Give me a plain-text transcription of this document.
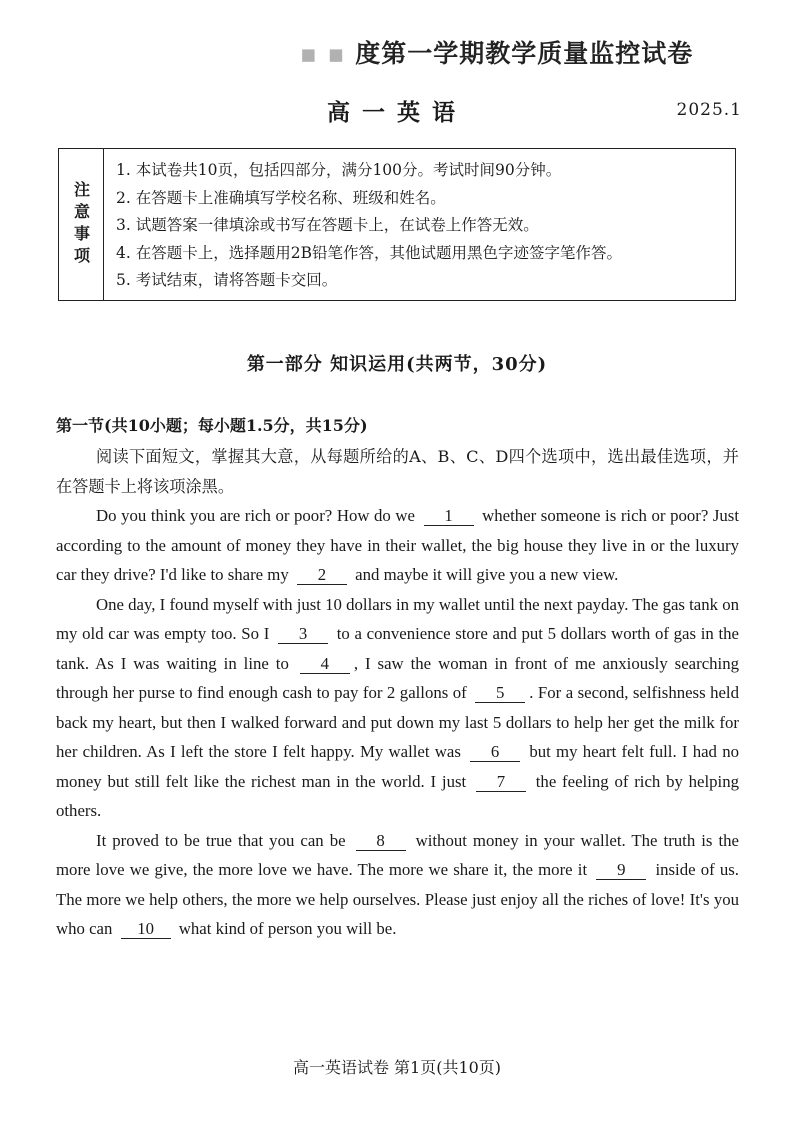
▪ ▪ 度第一学期教学质量监控试卷
高一英语	2025.1
注意事项
1. 本试卷共10页，包括四部分，满分100分。考试时间90分钟。
2. 在答题卡上准确填写学校名称、班级和姓名。
3. 试题答案一律填涂或书写在答题卡上，在试卷上作答无效。
4. 在答题卡上，选择题用2B铅笔作答，其他试题用黑色字迹签字笔作答。
5. 考试结束，请将答题卡交回。
第一部分 知识运用(共两节，30分)
第一节(共10小题；每小题1.5分，共15分)

阅读下面短文，掌握其大意，从每题所给的A、B、C、D四个选项中，选出最佳选项，并在答题卡上将该项涂黑。

Do you think you are rich or poor? How do we 1 whether someone is rich or poor? Just according to the amount of money they have in their wallet, the big house they live in or the luxury car they drive? I'd like to share my 2 and maybe it will give you a new view.

One day, I found myself with just 10 dollars in my wallet until the next payday. The gas tank on my old car was empty too. So I 3 to a convenience store and put 5 dollars worth of gas in the tank. As I was waiting in line to 4 , I saw the woman in front of me anxiously searching through her purse to find enough cash to pay for 2 gallons of 5 . For a second, selfishness held back my heart, but then I walked forward and put down my last 5 dollars to help her get the milk for her children. As I left the store I felt happy. My wallet was 6 but my heart felt full. I had no money but still felt like the richest man in the world. I just 7 the feeling of rich by helping others.

It proved to be true that you can be 8 without money in your wallet. The truth is the more love we give, the more love we have. The more we share it, the more it 9 inside of us. The more we help others, the more we help ourselves. Please just enjoy all the riches of love! It's you who can 10 what kind of person you will be.

高一英语试卷 第1页(共10页)
